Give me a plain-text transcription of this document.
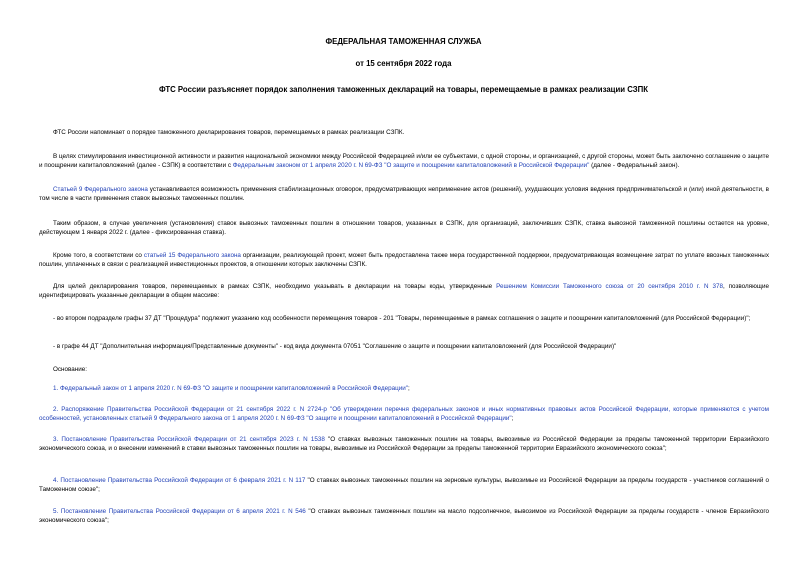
ФЕДЕРАЛЬНАЯ ТАМОЖЕННАЯ СЛУЖБА
от 15 сентября 2022 года
ФТС России разъясняет порядок заполнения таможенных деклараций на товары, перемещаемые в рамках реализации СЗПК
ФТС России напоминает о порядке таможенного декларирования товаров, перемещаемых в рамках реализации СЗПК.
В целях стимулирования инвестиционной активности и развития национальной экономики между Российской Федерацией и/или ее субъектами, с одной стороны, и организацией, с другой стороны, может быть заключено соглашение о защите и поощрении капиталовложений (далее - СЗПК) в соответствии с Федеральным законом от 1 апреля 2020 г. N 69-ФЗ "О защите и поощрении капиталовложений в Российской Федерации" (далее - Федеральный закон).
Статьей 9 Федерального закона устанавливается возможность применения стабилизационных оговорок, предусматривающих неприменение актов (решений), ухудшающих условия ведения предпринимательской и (или) иной деятельности, в том числе в части применения ставок вывозных таможенных пошлин.
Таким образом, в случае увеличения (установления) ставок вывозных таможенных пошлин в отношении товаров, указанных в СЗПК, для организаций, заключивших СЗПК, ставка вывозной таможенной пошлины остается на уровне, действующем 1 января 2022 г. (далее - фиксированная ставка).
Кроме того, в соответствии со статьей 15 Федерального закона организации, реализующей проект, может быть предоставлена также мера государственной поддержки, предусматривающая возмещение затрат по уплате ввозных таможенных пошлин, уплаченных в связи с реализацией инвестиционных проектов, в отношении которых заключены СЗПК.
Для целей декларирования товаров, перемещаемых в рамках СЗПК, необходимо указывать в декларации на товары коды, утвержденные Решением Комиссии Таможенного союза от 20 сентября 2010 г. N 378, позволяющие идентифицировать указанные декларации в общем массиве:
- во втором подразделе графы 37 ДТ "Процедура" подлежит указанию код особенности перемещения товаров - 201 "Товары, перемещаемые в рамках соглашения о защите и поощрении капиталовложений (для Российской Федерации)";
- в графе 44 ДТ "Дополнительная информация/Представленные документы" - код вида документа 07051 "Соглашение о защите и поощрении капиталовложений (для Российской Федерации)"
Основание:
1. Федеральный закон от 1 апреля 2020 г. N 69-ФЗ "О защите и поощрении капиталовложений в Российской Федерации";
2. Распоряжение Правительства Российской Федерации от 21 сентября 2022 г. N 2724-р "Об утверждении перечня федеральных законов и иных нормативных правовых актов Российской Федерации, которые применяются с учетом особенностей, установленных статьей 9 Федерального закона от 1 апреля 2020 г. N 69-ФЗ "О защите и поощрении капиталовложений в Российской Федерации";
3. Постановление Правительства Российской Федерации от 21 сентября 2023 г. N 1538 "О ставках вывозных таможенных пошлин на товары, вывозимые из Российской Федерации за пределы таможенной территории Евразийского экономического союза, и о внесении изменений в ставки вывозных таможенных пошлин на товары, вывозимые из Российской Федерации за пределы таможенной территории Евразийского экономического союза";
4. Постановление Правительства Российской Федерации от 6 февраля 2021 г. N 117 "О ставках вывозных таможенных пошлин на зерновые культуры, вывозимые из Российской Федерации за пределы государств - участников соглашений о Таможенном союзе";
5. Постановление Правительства Российской Федерации от 6 апреля 2021 г. N 546 "О ставках вывозных таможенных пошлин на масло подсолнечное, вывозимое из Российской Федерации за пределы государств - членов Евразийского экономического союза";
